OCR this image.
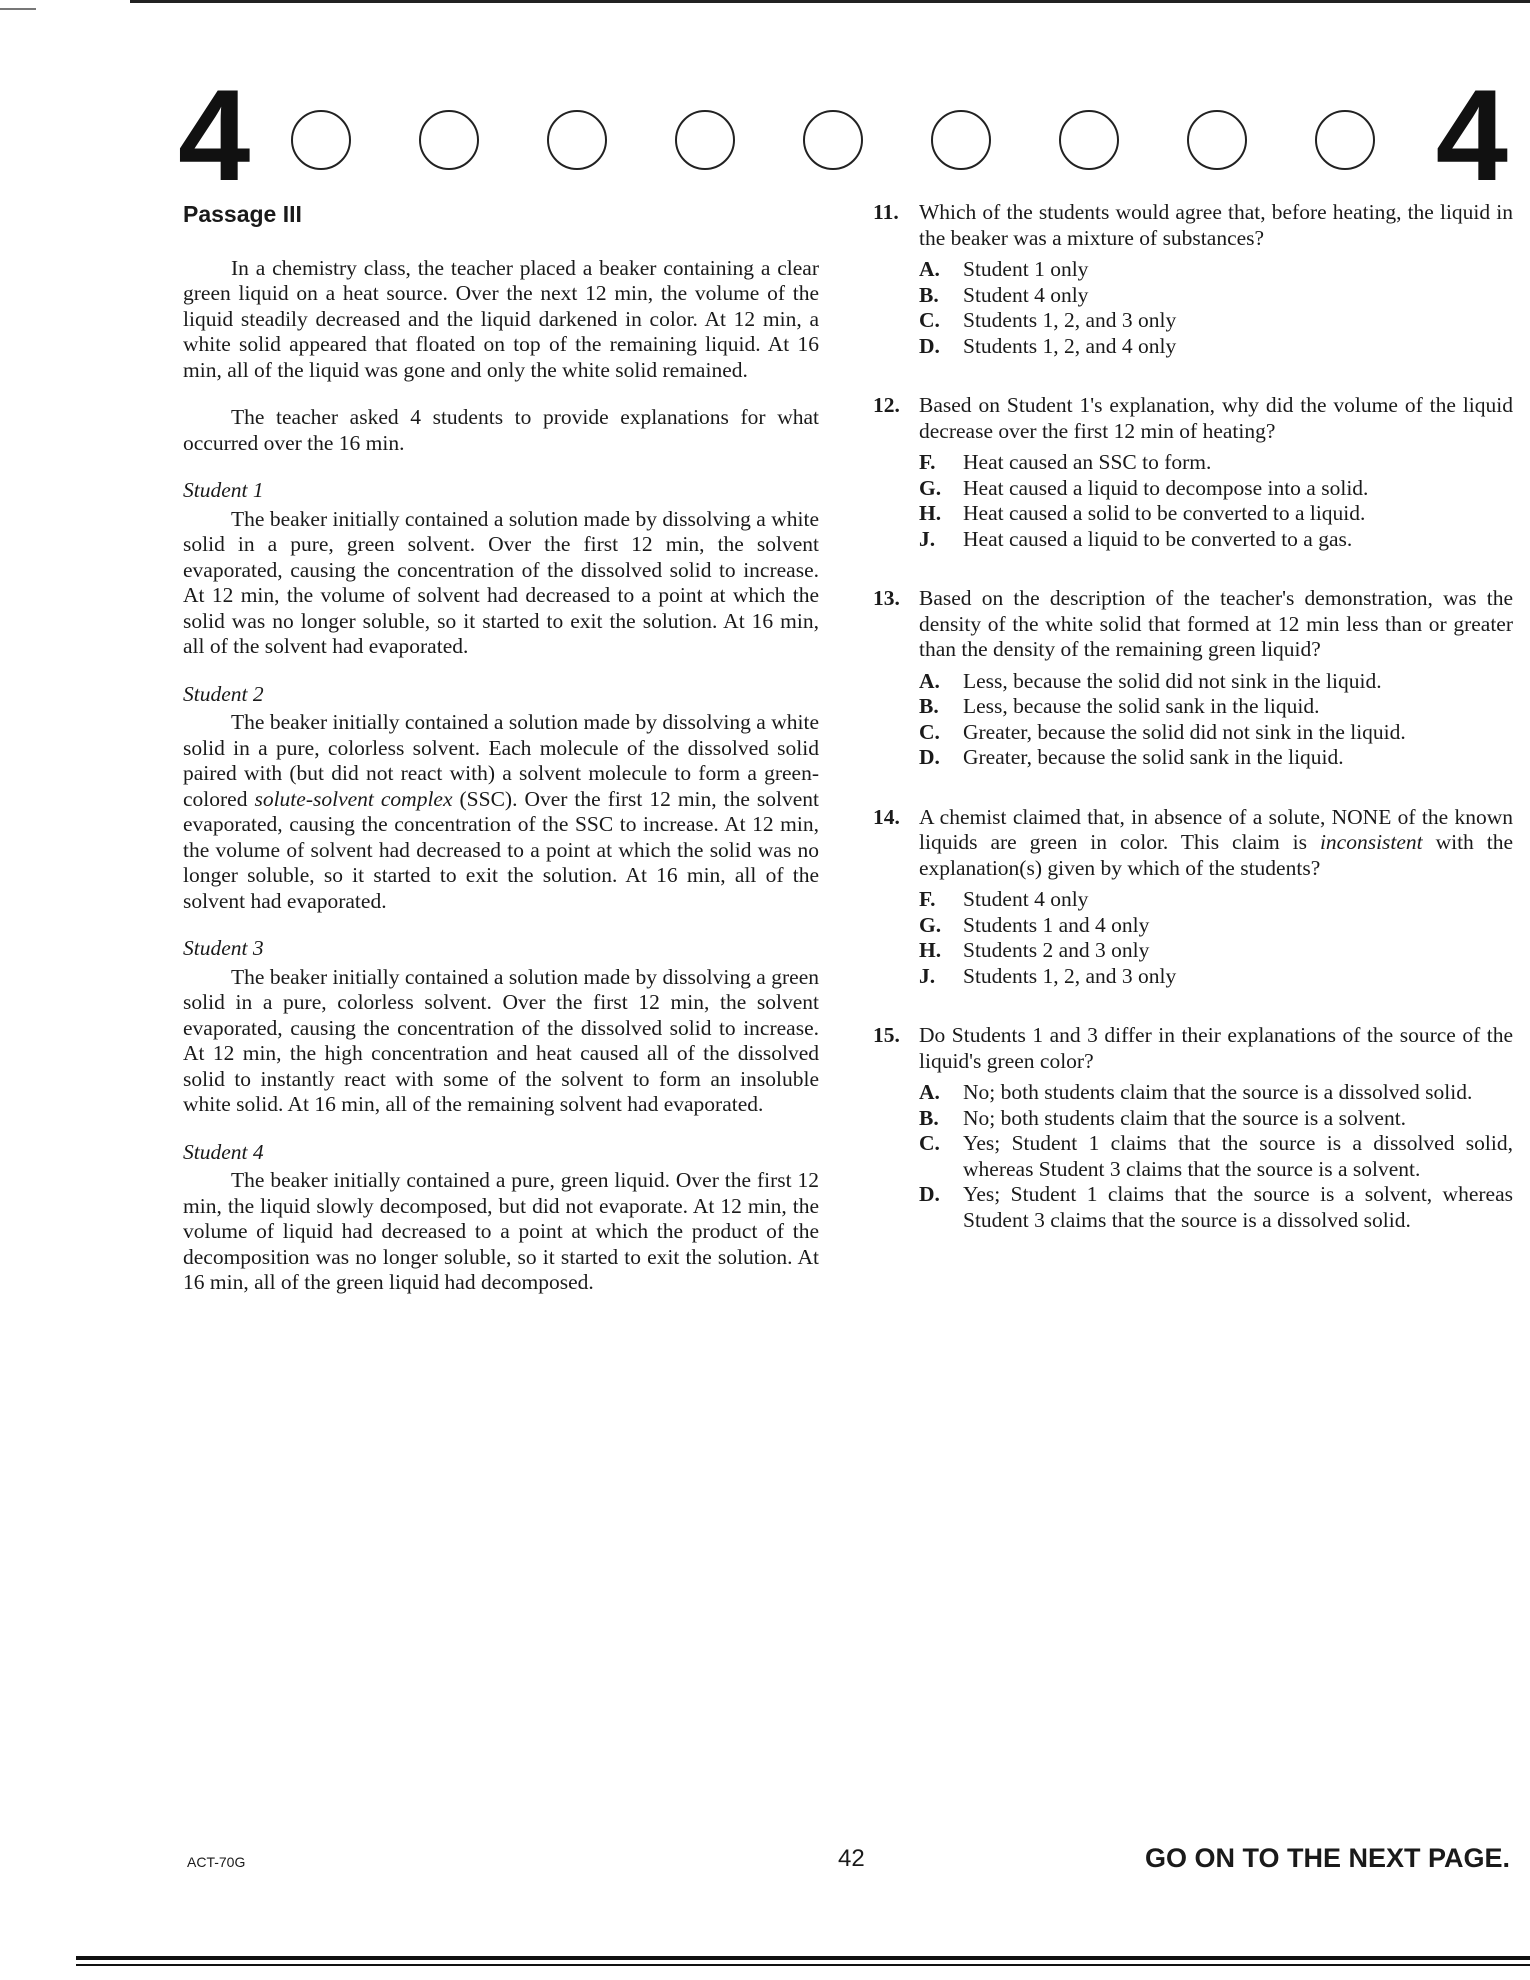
4	4
Passage III

In a chemistry class, the teacher placed a beaker containing a clear green liquid on a heat source. Over the next 12 min, the volume of the liquid steadily decreased and the liquid darkened in color. At 12 min, a white solid appeared that floated on top of the remaining liquid. At 16 min, all of the liquid was gone and only the white solid remained.

The teacher asked 4 students to provide explanations for what occurred over the 16 min.

Student 1

The beaker initially contained a solution made by dissolving a white solid in a pure, green solvent. Over the first 12 min, the solvent evaporated, causing the concentration of the dissolved solid to increase. At 12 min, the volume of solvent had decreased to a point at which the solid was no longer soluble, so it started to exit the solution. At 16 min, all of the solvent had evaporated.

Student 2

The beaker initially contained a solution made by dissolving a white solid in a pure, colorless solvent. Each molecule of the dissolved solid paired with (but did not react with) a solvent molecule to form a green-colored solute-solvent complex (SSC). Over the first 12 min, the solvent evaporated, causing the concentration of the SSC to increase. At 12 min, the volume of solvent had decreased to a point at which the solid was no longer soluble, so it started to exit the solution. At 16 min, all of the solvent had evaporated.

Student 3

The beaker initially contained a solution made by dissolving a green solid in a pure, colorless solvent. Over the first 12 min, the solvent evaporated, causing the concentration of the dissolved solid to increase. At 12 min, the high concentration and heat caused all of the dissolved solid to instantly react with some of the solvent to form an insoluble white solid. At 16 min, all of the remaining solvent had evaporated.

Student 4

The beaker initially contained a pure, green liquid. Over the first 12 min, the liquid slowly decomposed, but did not evaporate. At 12 min, the volume of liquid had decreased to a point at which the product of the decomposition was no longer soluble, so it started to exit the solution. At 16 min, all of the green liquid had decomposed.

11. Which of the students would agree that, before heating, the liquid in the beaker was a mixture of substances?
A. Student 1 only
B. Student 4 only
C. Students 1, 2, and 3 only
D. Students 1, 2, and 4 only
12. Based on Student 1's explanation, why did the volume of the liquid decrease over the first 12 min of heating?
F. Heat caused an SSC to form.
G. Heat caused a liquid to decompose into a solid.
H. Heat caused a solid to be converted to a liquid.
J. Heat caused a liquid to be converted to a gas.
13. Based on the description of the teacher's demonstration, was the density of the white solid that formed at 12 min less than or greater than the density of the remaining green liquid?
A. Less, because the solid did not sink in the liquid.
B. Less, because the solid sank in the liquid.
C. Greater, because the solid did not sink in the liquid.
D. Greater, because the solid sank in the liquid.
14. A chemist claimed that, in absence of a solute, NONE of the known liquids are green in color. This claim is inconsistent with the explanation(s) given by which of the students?
F. Student 4 only
G. Students 1 and 4 only
H. Students 2 and 3 only
J. Students 1, 2, and 3 only
15. Do Students 1 and 3 differ in their explanations of the source of the liquid's green color?
A. No; both students claim that the source is a dissolved solid.
B. No; both students claim that the source is a solvent.
C. Yes; Student 1 claims that the source is a dissolved solid, whereas Student 3 claims that the source is a solvent.
D. Yes; Student 1 claims that the source is a solvent, whereas Student 3 claims that the source is a dissolved solid.
ACT-70G	42	GO ON TO THE NEXT PAGE.
